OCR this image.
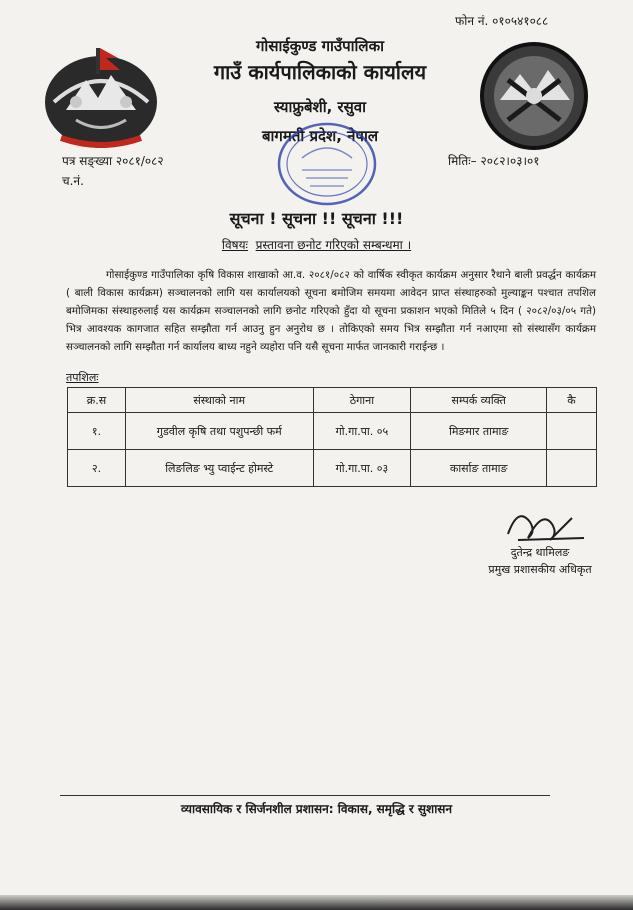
फोन नं. ०१०५४१०८८
गोसाईकुण्ड गाउँपालिका
गाउँ कार्यपालिकाको कार्यालय
स्याफ्रुबेशी, रसुवा
बागमती प्रदेश, नेपाल
पत्र सङ्ख्या २०८१/०८२
च.नं.
मितिः– २०८२।०३।०१
सूचना ! सूचना !! सूचना !!!
विषयः प्रस्तावना छनोट गरिएको सम्बन्धमा ।
गोसाईकुण्ड गाउँपालिका कृषि विकास शाखाको आ.व. २०८१/०८२ को वार्षिक स्वीकृत कार्यक्रम अनुसार रैथाने बाली प्रवर्द्धन कार्यक्रम ( बाली विकास कार्यक्रम) सञ्चालनको लागि यस कार्यालयको सूचना बमोजिम समयमा आवेदन प्राप्त संस्थाहरुको मुल्याङ्कन पश्चात तपशिल बमोजिमका संस्थाहरुलाई यस कार्यक्रम सञ्चालनको लागि छनोट गरिएको हुँदा यो सूचना प्रकाशन भएको मितिले ५ दिन ( २०८२/०३/०५ गते) भित्र आवश्यक कागजात सहित सम्झौता गर्न आउनु हुन अनुरोध छ । तोकिएको समय भित्र सम्झौता गर्न नआएमा सो संस्थासँग कार्यक्रम सञ्चालनको लागि सम्झौता गर्न कार्यालय बाध्य नहुने व्यहोरा पनि यसै सूचना मार्फत जानकारी गराईन्छ ।
तपशिलः
क्र.स	संस्थाको नाम	ठेगाना	सम्पर्क व्यक्ति	कै
१.	गुडवील कृषि तथा पशुपन्छी फर्म	गो.गा.पा. ०५	मिङमार तामाङ	
२.	लिङलिङ भ्यु प्वाईन्ट होमस्टे	गो.गा.पा. ०३	कार्साङ तामाङ	
दुतेन्द्र थामिलङ
प्रमुख प्रशासकीय अधिकृत
व्यावसायिक र सिर्जनशील प्रशासन: विकास, समृद्धि र सुशासन
